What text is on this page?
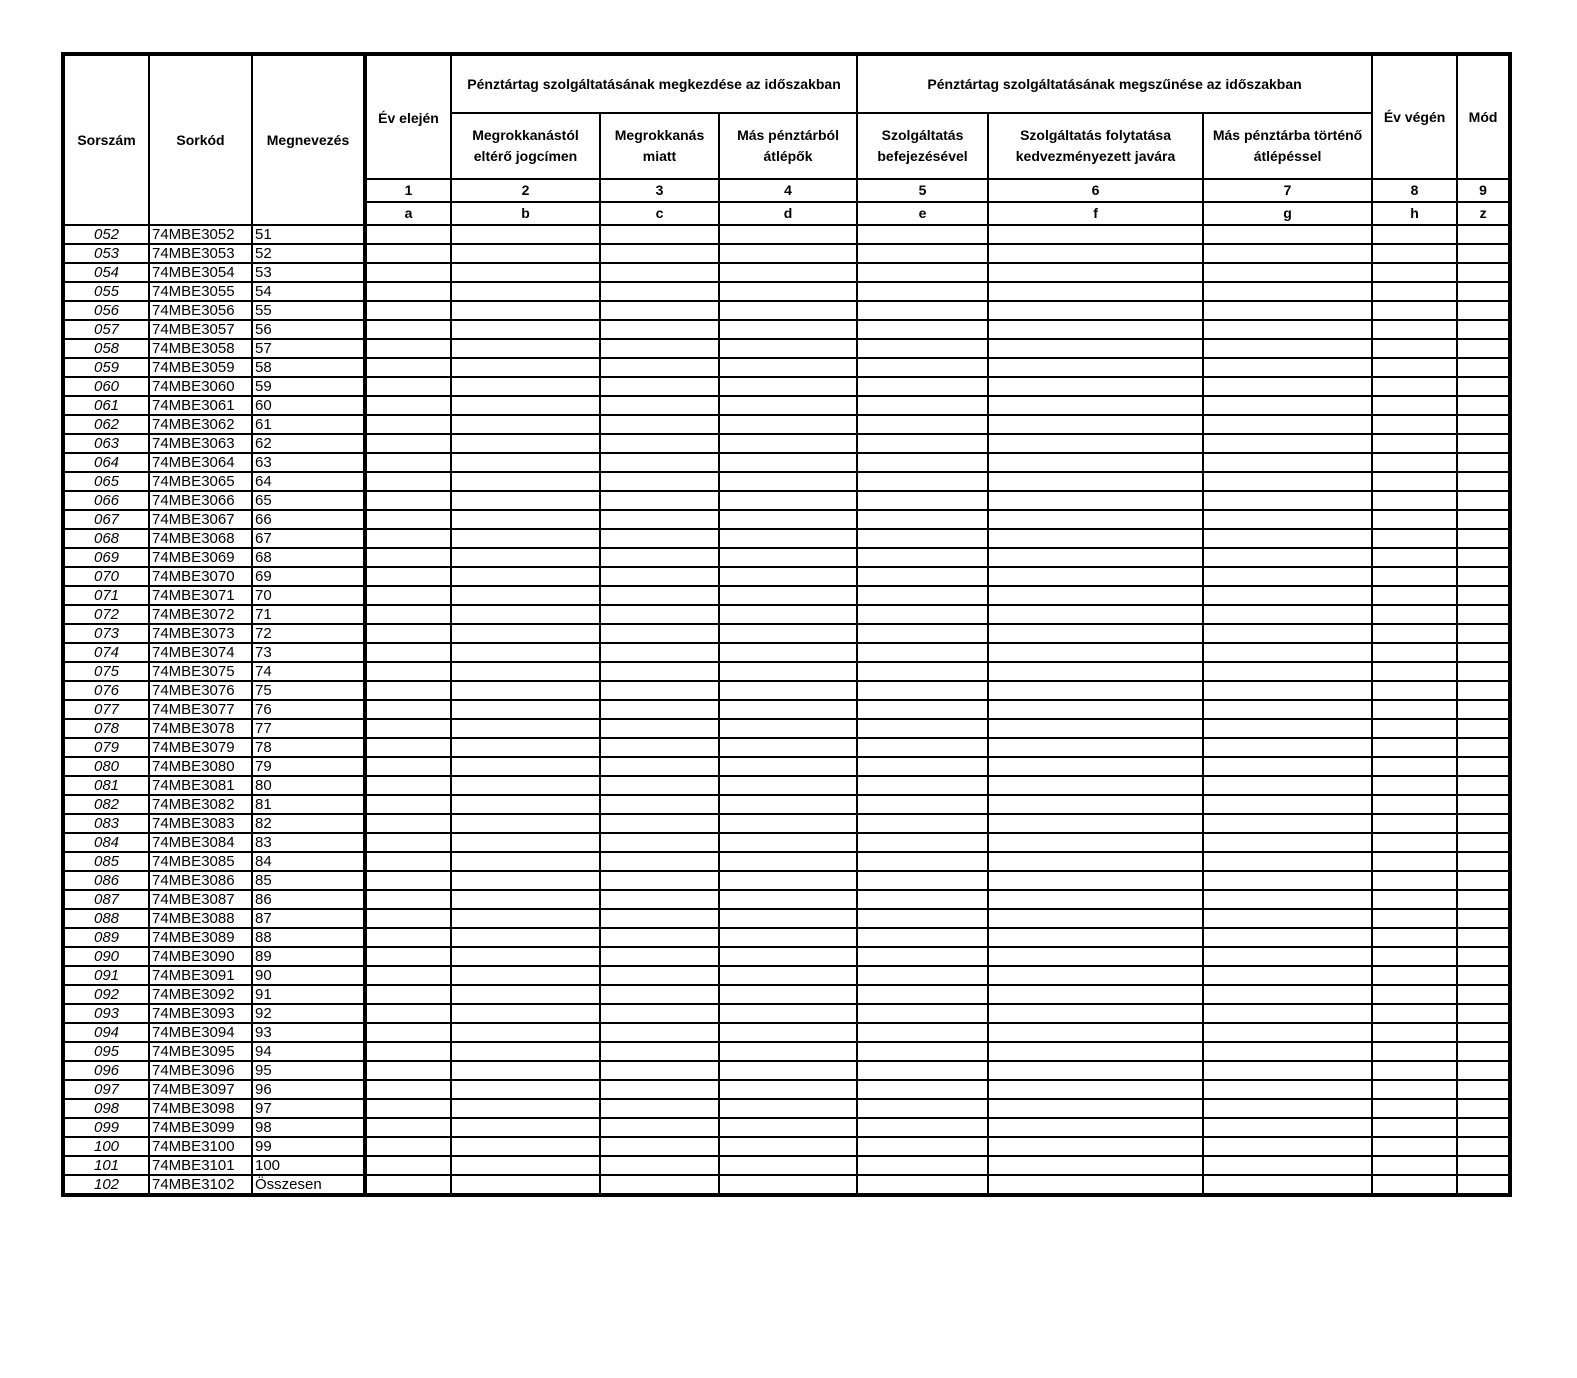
Sorszám	Sorkód	Megnevezés	Év elején	Pénztártag szolgáltatásának megkezdése az időszakban			Pénztártag szolgáltatásának megszűnése az időszakban			Év végén	Mód
				Megrokkanástól eltérő jogcímen	Megrokkanás miatt	Más pénztárból átlépők	Szolgáltatás befejezésével	Szolgáltatás folytatása kedvezményezett javára	Más pénztárba történő átlépéssel		
			1	2	3	4	5	6	7	8	9
			a	b	c	d	e	f	g	h	z
052	74MBE3052	51									
053	74MBE3053	52									
054	74MBE3054	53									
055	74MBE3055	54									
056	74MBE3056	55									
057	74MBE3057	56									
058	74MBE3058	57									
059	74MBE3059	58									
060	74MBE3060	59									
061	74MBE3061	60									
062	74MBE3062	61									
063	74MBE3063	62									
064	74MBE3064	63									
065	74MBE3065	64									
066	74MBE3066	65									
067	74MBE3067	66									
068	74MBE3068	67									
069	74MBE3069	68									
070	74MBE3070	69									
071	74MBE3071	70									
072	74MBE3072	71									
073	74MBE3073	72									
074	74MBE3074	73									
075	74MBE3075	74									
076	74MBE3076	75									
077	74MBE3077	76									
078	74MBE3078	77									
079	74MBE3079	78									
080	74MBE3080	79									
081	74MBE3081	80									
082	74MBE3082	81									
083	74MBE3083	82									
084	74MBE3084	83									
085	74MBE3085	84									
086	74MBE3086	85									
087	74MBE3087	86									
088	74MBE3088	87									
089	74MBE3089	88									
090	74MBE3090	89									
091	74MBE3091	90									
092	74MBE3092	91									
093	74MBE3093	92									
094	74MBE3094	93									
095	74MBE3095	94									
096	74MBE3096	95									
097	74MBE3097	96									
098	74MBE3098	97									
099	74MBE3099	98									
100	74MBE3100	99									
101	74MBE3101	100									
102	74MBE3102	Összesen									
